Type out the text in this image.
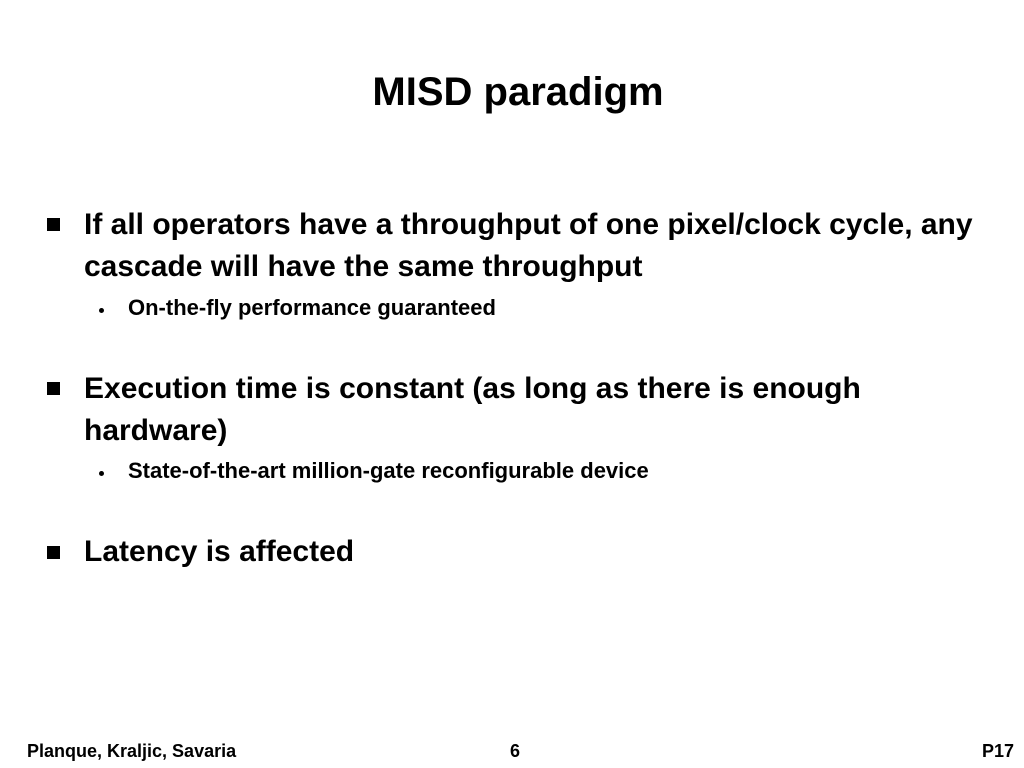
MISD paradigm
If all operators have a throughput of one pixel/clock cycle, any cascade will have the same throughput
On-the-fly performance guaranteed
Execution time is constant (as long as there is enough hardware)
State-of-the-art million-gate reconfigurable device
Latency is affected
Planque, Kraljic, Savaria	6	P17
